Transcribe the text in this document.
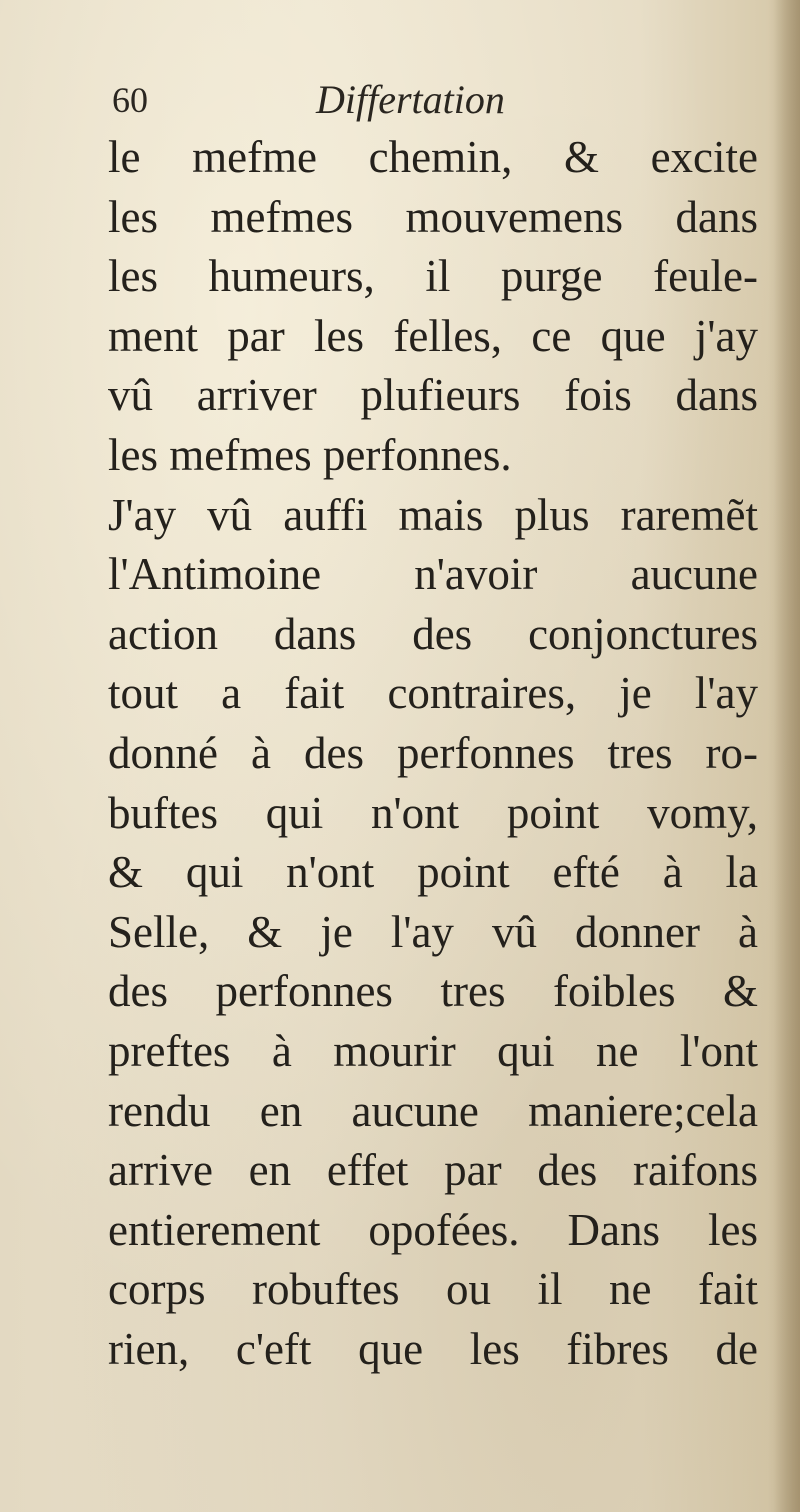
60	Differtation
le mefme chemin, & excite
les mefmes mouvemens dans
les humeurs, il purge feule-
ment par les felles, ce que j'ay
vû arriver plufieurs fois dans
les mefmes perfonnes.
J'ay vû auffi mais plus raremẽt
l'Antimoine n'avoir aucune
action dans des conjonctures
tout a fait contraires, je l'ay
donné à des perfonnes tres ro-
buftes qui n'ont point vomy,
& qui n'ont point efté à la
Selle, & je l'ay vû donner à
des perfonnes tres foibles &
preftes à mourir qui ne l'ont
rendu en aucune maniere;cela
arrive en effet par des raifons
entierement opofées. Dans les
corps robuftes ou il ne fait
rien, c'eft que les fibres de
